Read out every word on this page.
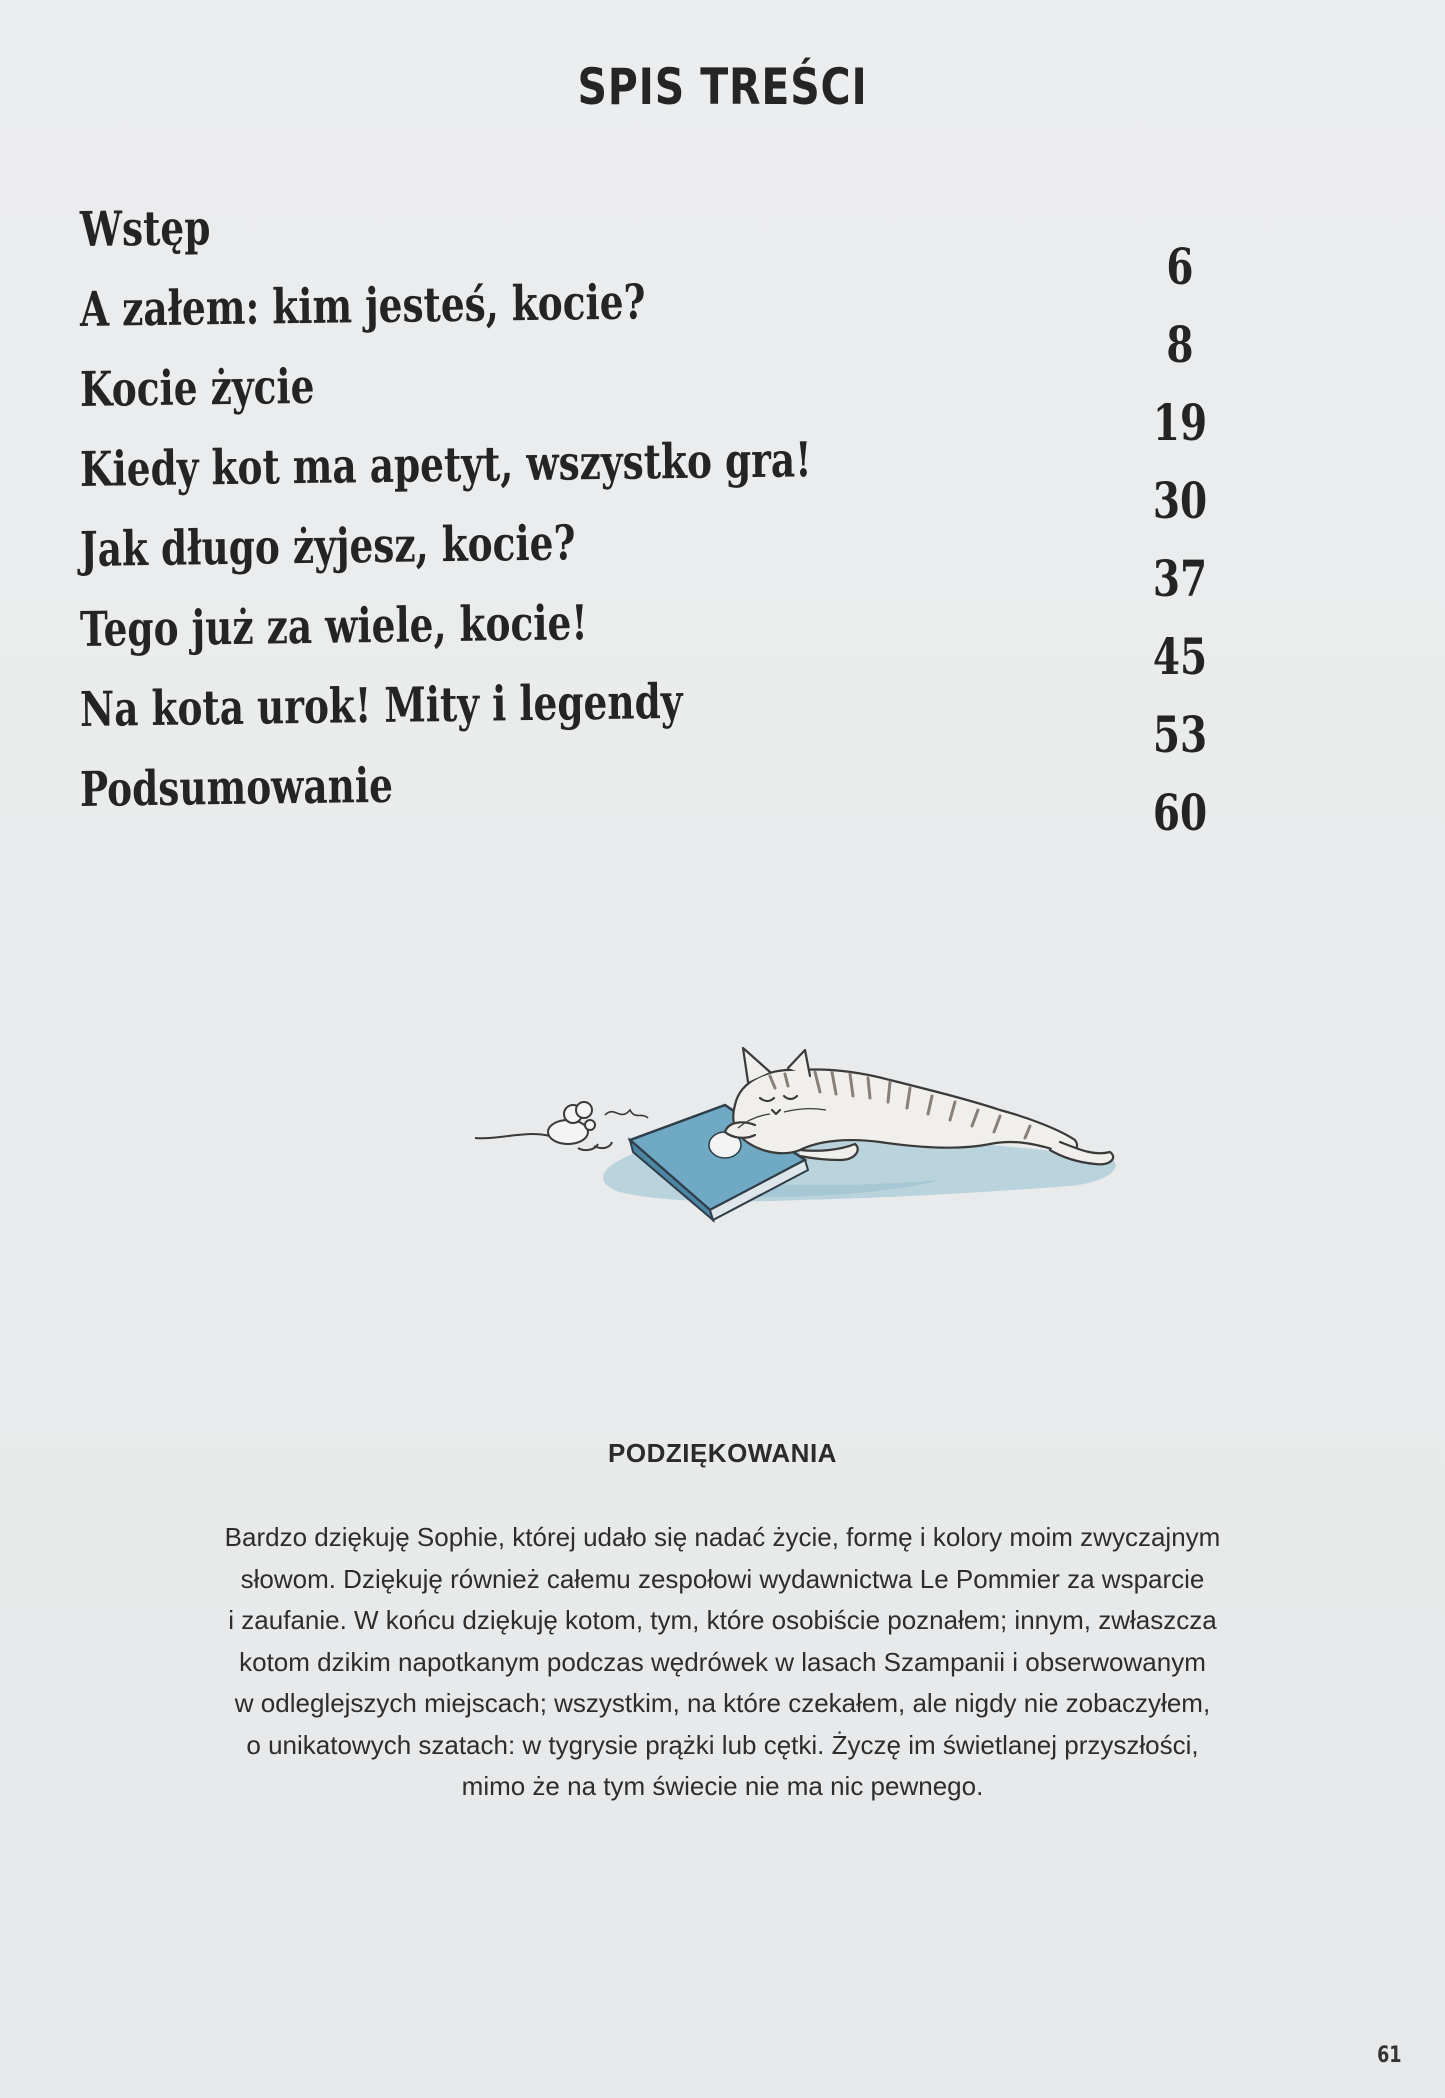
SPIS TREŚCI
Wstęp
A załem: kim jesteś, kocie?
Kocie życie
Kiedy kot ma apetyt, wszystko gra!
Jak długo żyjesz, kocie?
Tego już za wiele, kocie!
Na kota urok! Mity i legendy
Podsumowanie
6
8
19
30
37
45
53
60
PODZIĘKOWANIA
Bardzo dziękuję Sophie, której udało się nadać życie, formę i kolory moim zwyczajnym
słowom. Dziękuję również całemu zespołowi wydawnictwa Le Pommier za wsparcie
i zaufanie. W końcu dziękuję kotom, tym, które osobiście poznałem; innym, zwłaszcza
kotom dzikim napotkanym podczas wędrówek w lasach Szampanii i obserwowanym
w odleglejszych miejscach; wszystkim, na które czekałem, ale nigdy nie zobaczyłem,
o unikatowych szatach: w tygrysie prążki lub cętki. Życzę im świetlanej przyszłości,
mimo że na tym świecie nie ma nic pewnego.
61
